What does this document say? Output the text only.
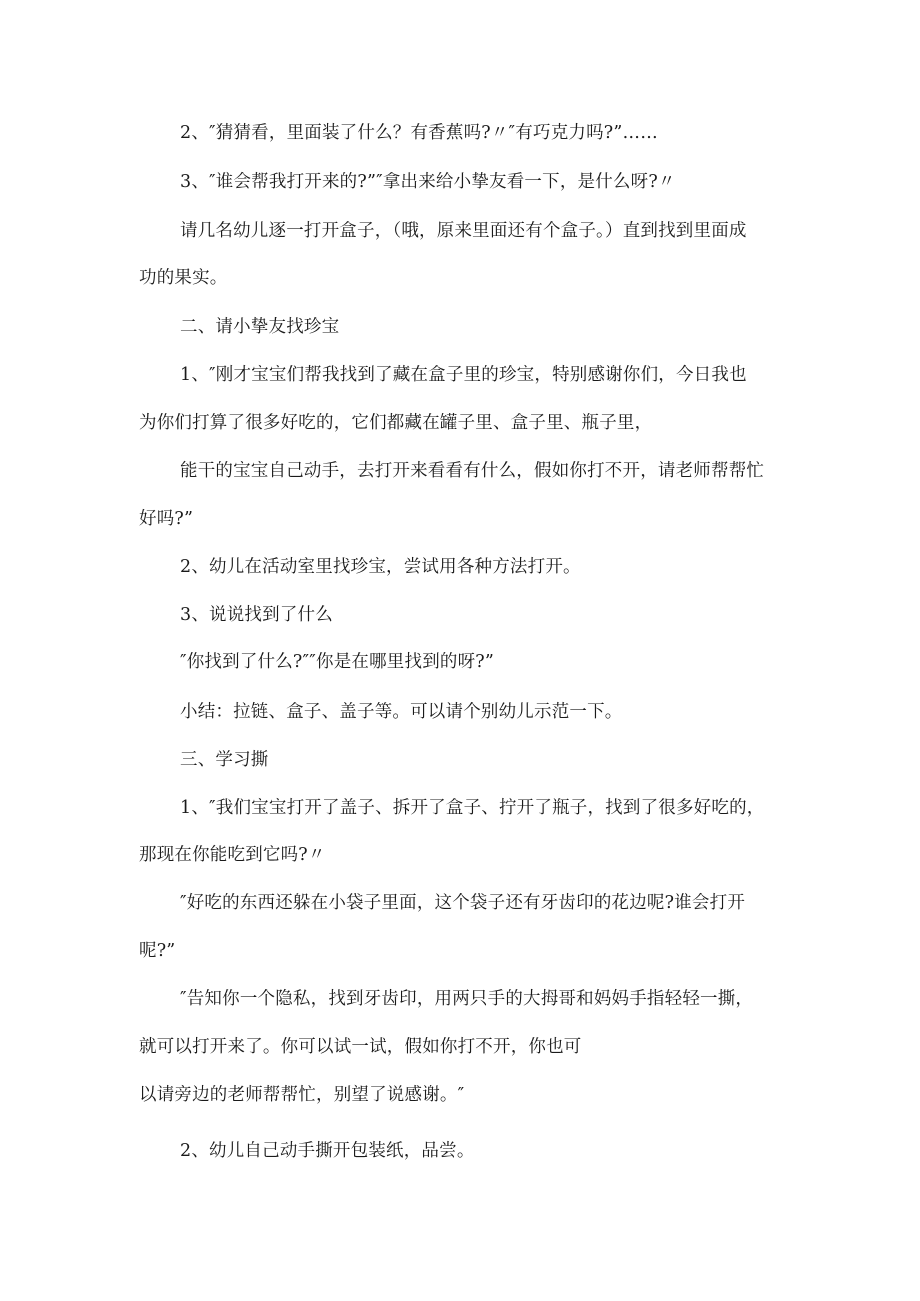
2、″猜猜看，里面装了什么？有香蕉吗?〃″有巧克力吗?”……

3、″谁会帮我打开来的?”″拿出来给小挚友看一下，是什么呀?〃

请几名幼儿逐一打开盒子，（哦，原来里面还有个盒子。）直到找到里面成

功的果实。

二、请小挚友找珍宝

1、″刚才宝宝们帮我找到了藏在盒子里的珍宝，特别感谢你们，今日我也

为你们打算了很多好吃的，它们都藏在罐子里、盒子里、瓶子里，

能干的宝宝自己动手，去打开来看看有什么，假如你打不开，请老师帮帮忙

好吗?”

2、幼儿在活动室里找珍宝，尝试用各种方法打开。

3、说说找到了什么

″你找到了什么?″″你是在哪里找到的呀?”

小结：拉链、盒子、盖子等。可以请个别幼儿示范一下。

三、学习撕

1、″我们宝宝打开了盖子、拆开了盒子、拧开了瓶子，找到了很多好吃的，

那现在你能吃到它吗?〃

″好吃的东西还躲在小袋子里面，这个袋子还有牙齿印的花边呢?谁会打开

呢?”

″告知你一个隐私，找到牙齿印，用两只手的大拇哥和妈妈手指轻轻一撕，

就可以打开来了。你可以试一试，假如你打不开，你也可

以请旁边的老师帮帮忙，别望了说感谢。″

2、幼儿自己动手撕开包装纸，品尝。
